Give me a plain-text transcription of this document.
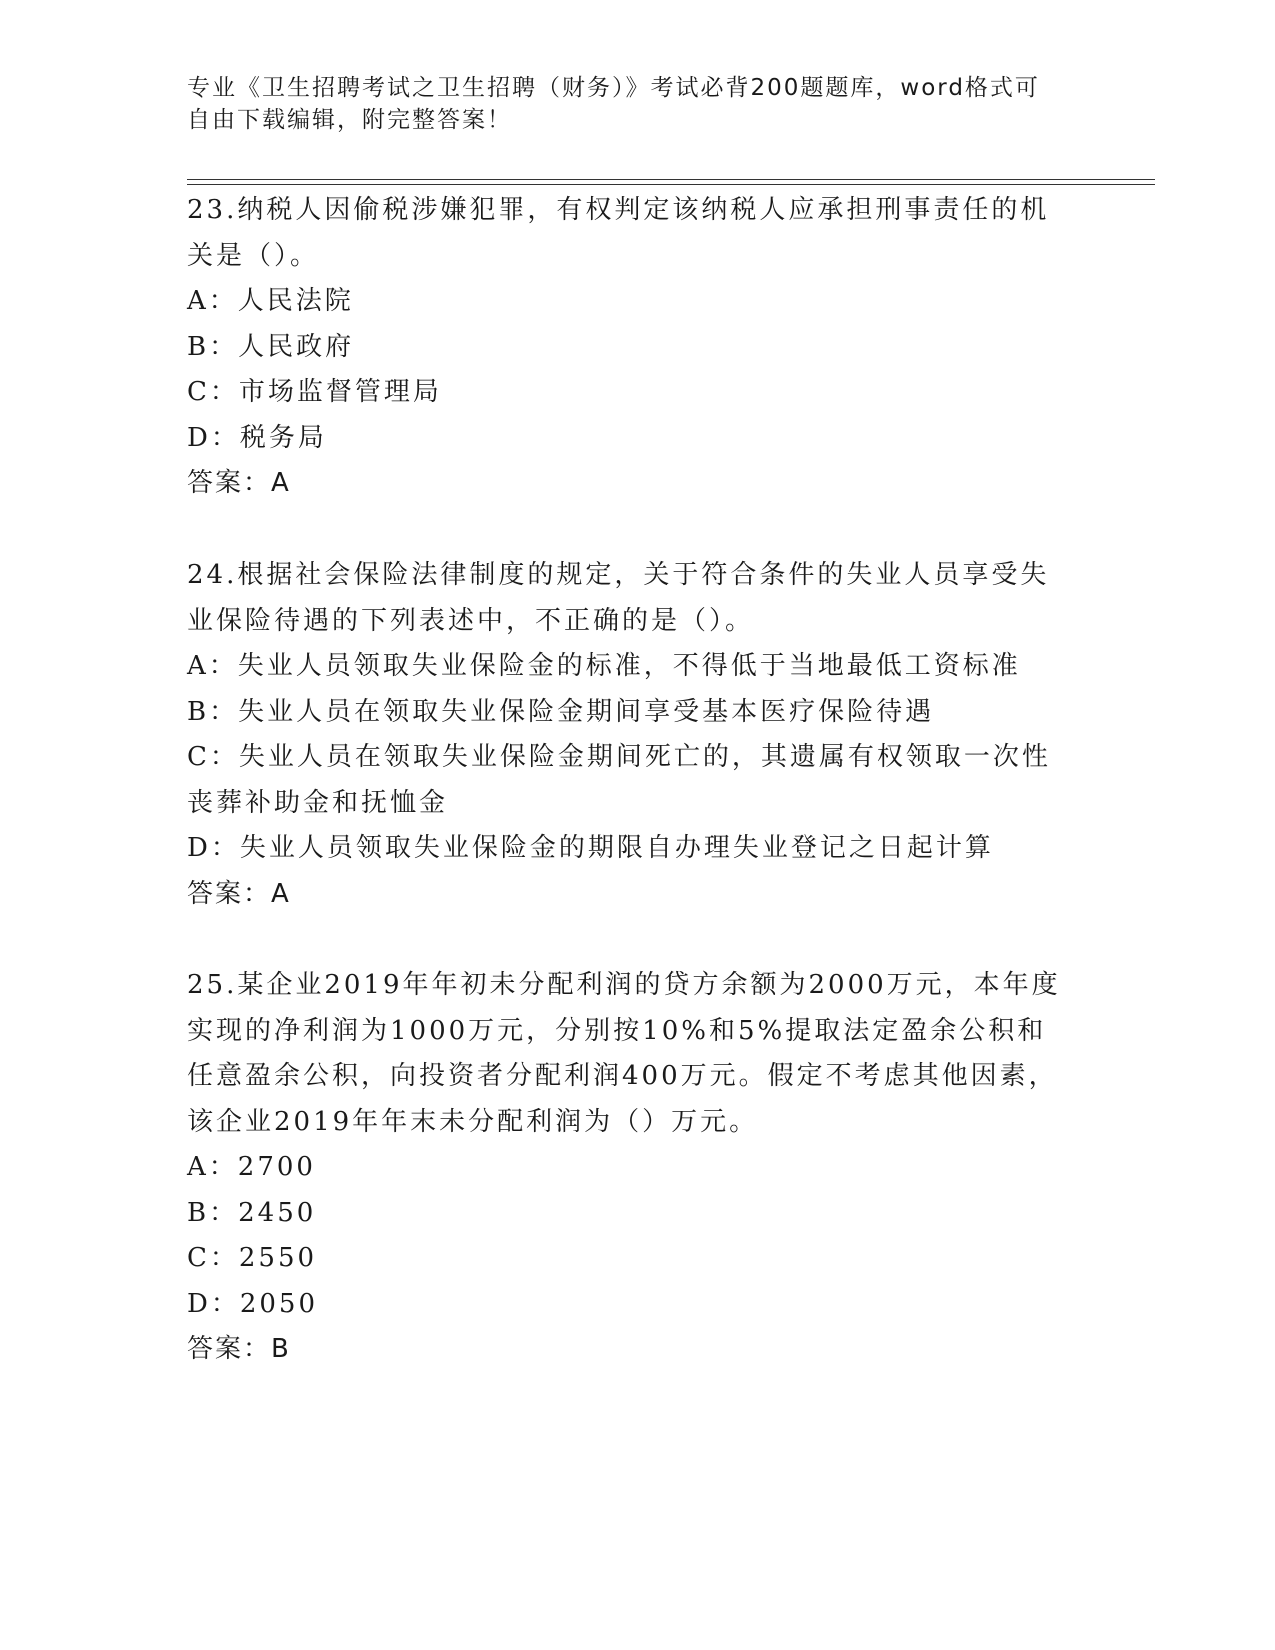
专业《卫生招聘考试之卫生招聘（财务）》考试必背200题题库，word格式可自由下载编辑，附完整答案！

23.纳税人因偷税涉嫌犯罪，有权判定该纳税人应承担刑事责任的机关是（）。

A：人民法院

B：人民政府

C：市场监督管理局

D：税务局

答案：A

24.根据社会保险法律制度的规定，关于符合条件的失业人员享受失业保险待遇的下列表述中，不正确的是（）。

A：失业人员领取失业保险金的标准，不得低于当地最低工资标准

B：失业人员在领取失业保险金期间享受基本医疗保险待遇

C：失业人员在领取失业保险金期间死亡的，其遗属有权领取一次性丧葬补助金和抚恤金

D：失业人员领取失业保险金的期限自办理失业登记之日起计算

答案：A

25.某企业2019年年初未分配利润的贷方余额为2000万元，本年度实现的净利润为1000万元，分别按10%和5%提取法定盈余公积和任意盈余公积，向投资者分配利润400万元。假定不考虑其他因素，该企业2019年年末未分配利润为（）万元。

A：2700

B：2450

C：2550

D：2050

答案：B
